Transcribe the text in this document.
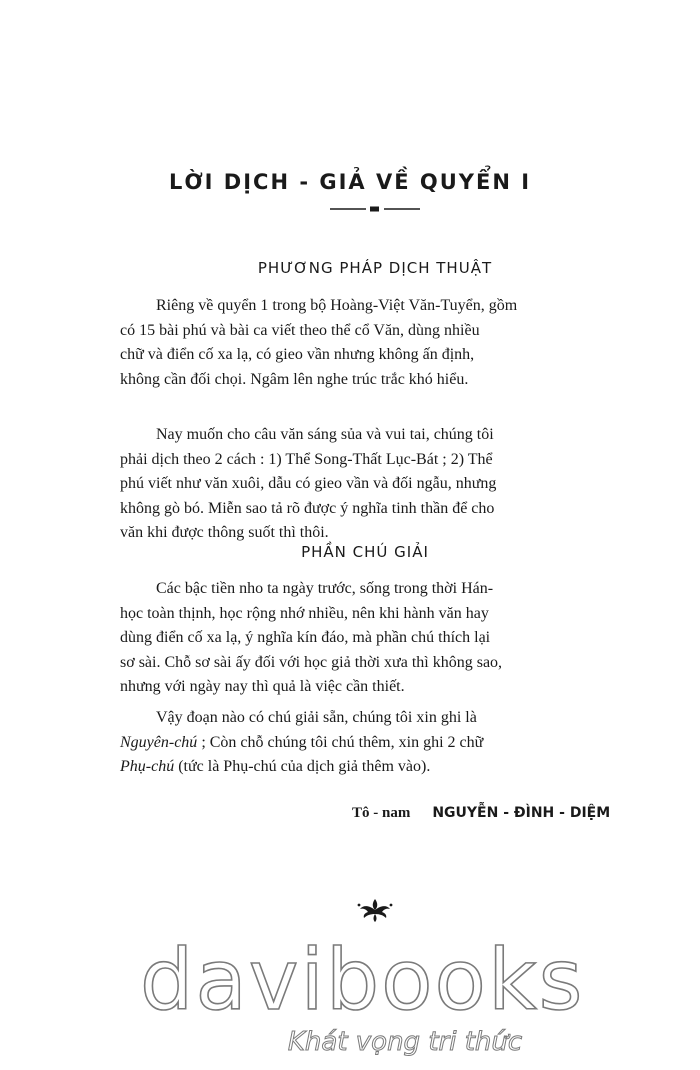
LỜI DỊCH - GIẢ VỀ QUYỂN I
PHƯƠNG PHÁP DỊCH THUẬT
Riêng về quyển 1 trong bộ Hoàng-Việt Văn-Tuyển, gồm
có 15 bài phú và bài ca viết theo thể cổ Văn, dùng nhiều
chữ và điển cố xa lạ, có gieo vần nhưng không ấn định,
không cần đối chọi. Ngâm lên nghe trúc trắc khó hiểu.
Nay muốn cho câu văn sáng sủa và vui tai, chúng tôi
phải dịch theo 2 cách : 1) Thể Song-Thất Lục-Bát ; 2) Thể
phú viết như văn xuôi, dẫu có gieo vần và đối ngẫu, nhưng
không gò bó. Miễn sao tả rõ được ý nghĩa tinh thần để cho
văn khi được thông suốt thì thôi.
PHẦN CHÚ GIẢI
Các bậc tiền nho ta ngày trước, sống trong thời Hán-
học toàn thịnh, học rộng nhớ nhiều, nên khi hành văn hay
dùng điển cố xa lạ, ý nghĩa kín đáo, mà phần chú thích lại
sơ sài. Chỗ sơ sài ấy đối với học giả thời xưa thì không sao,
nhưng với ngày nay thì quả là việc cần thiết.
Vậy đoạn nào có chú giải sẵn, chúng tôi xin ghi là
Nguyên-chú ; Còn chỗ chúng tôi chú thêm, xin ghi 2 chữ
Phụ-chú (tức là Phụ-chú của dịch giả thêm vào).
Tô - nam NGUYỄN - ĐÌNH - DIỆM
davibooks
Khát vọng tri thức
